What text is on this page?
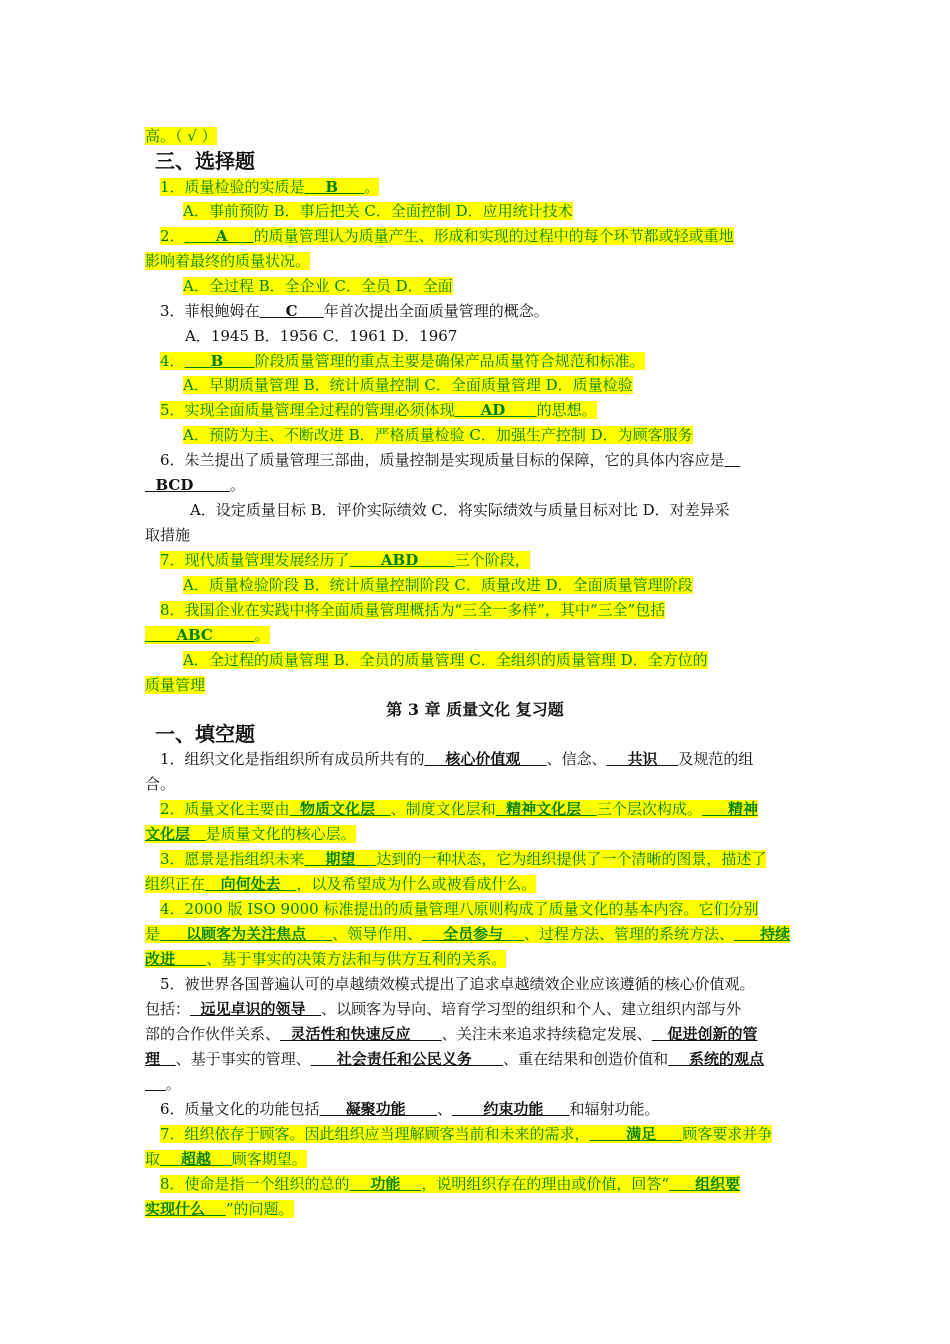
高。（ √ ）
三、选择题
1．质量检验的实质是    B     。
A．事前预防 B．事后把关 C．全面控制 D．应用统计技术
2．      A     的质量管理认为质量产生、形成和实现的过程中的每个环节都或轻或重地
影响着最终的质量状况。
A．全过程 B．全企业 C．全员 D．全面
3．菲根鲍姆在     C     年首次提出全面质量管理的概念。
A．1945 B．1956 C．1961 D．1967
4．     B      阶段质量管理的重点主要是确保产品质量符合规范和标准。
A．早期质量管理 B．统计质量控制 C．全面质量管理 D．质量检验
5．实现全面质量管理全过程的管理必须体现     AD      的思想。
A．预防为主、不断改进 B．严格质量检验 C．加强生产控制 D．为顾客服务
6．朱兰提出了质量管理三部曲，质量控制是实现质量目标的保障，它的具体内容应是
BCD       。
A．设定质量目标 B．评价实际绩效 C．将实际绩效与质量目标对比 D．对差异采
取措施
7．现代质量管理发展经历了      ABD       三个阶段，
A．质量检验阶段 B．统计质量控制阶段 C．质量改进 D．全面质量管理阶段
8．我国企业在实践中将全面质量管理概括为“三全一多样”，其中“三全”包括
ABC        。
A．全过程的质量管理 B．全员的质量管理 C．全组织的质量管理 D．全方位的
质量管理
第 3 章 质量文化 复习题
一、填空题
1．组织文化是指组织所有成员所共有的    核心价值观     、信念、    共识    及规范的组
合。
2．质量文化主要由  物质文化层   、制度文化层和  精神文化层   三个层次构成。     精神
文化层   是质量文化的核心层。
3．愿景是指组织未来    期望    达到的一种状态，它为组织提供了一个清晰的图景，描述了
组织正在   向何处去   ，以及希望成为什么或被看成什么。
4．2000 版 ISO 9000 标准提出的质量管理八原则构成了质量文化的基本内容。它们分别
是     以顾客为关注焦点     、领导作用、    全员参与    、过程方法、管理的系统方法、     持续
改进      、基于事实的决策方法和与供方互利的关系。
5．被世界各国普遍认可的卓越绩效模式提出了追求卓越绩效企业应该遵循的核心价值观。
包括：  远见卓识的领导   、以顾客为导向、培育学习型的组织和个人、建立组织内部与外
部的合作伙伴关系、  灵活性和快速反应      、关注未来追求持续稳定发展、   促进创新的管
理   、基于事实的管理、     社会责任和公民义务      、重在结果和创造价值和    系统的观点
。
6．质量文化的功能包括     凝聚功能      、      约束功能     和辐射功能。
7．组织依存于顾客。因此组织应当理解顾客当前和未来的需求，       满足     顾客要求并争
取    超越    顾客期望。
8．使命是指一个组织的总的    功能    ，说明组织存在的理由或价值，回答“     组织要
实现什么    ”的问题。
